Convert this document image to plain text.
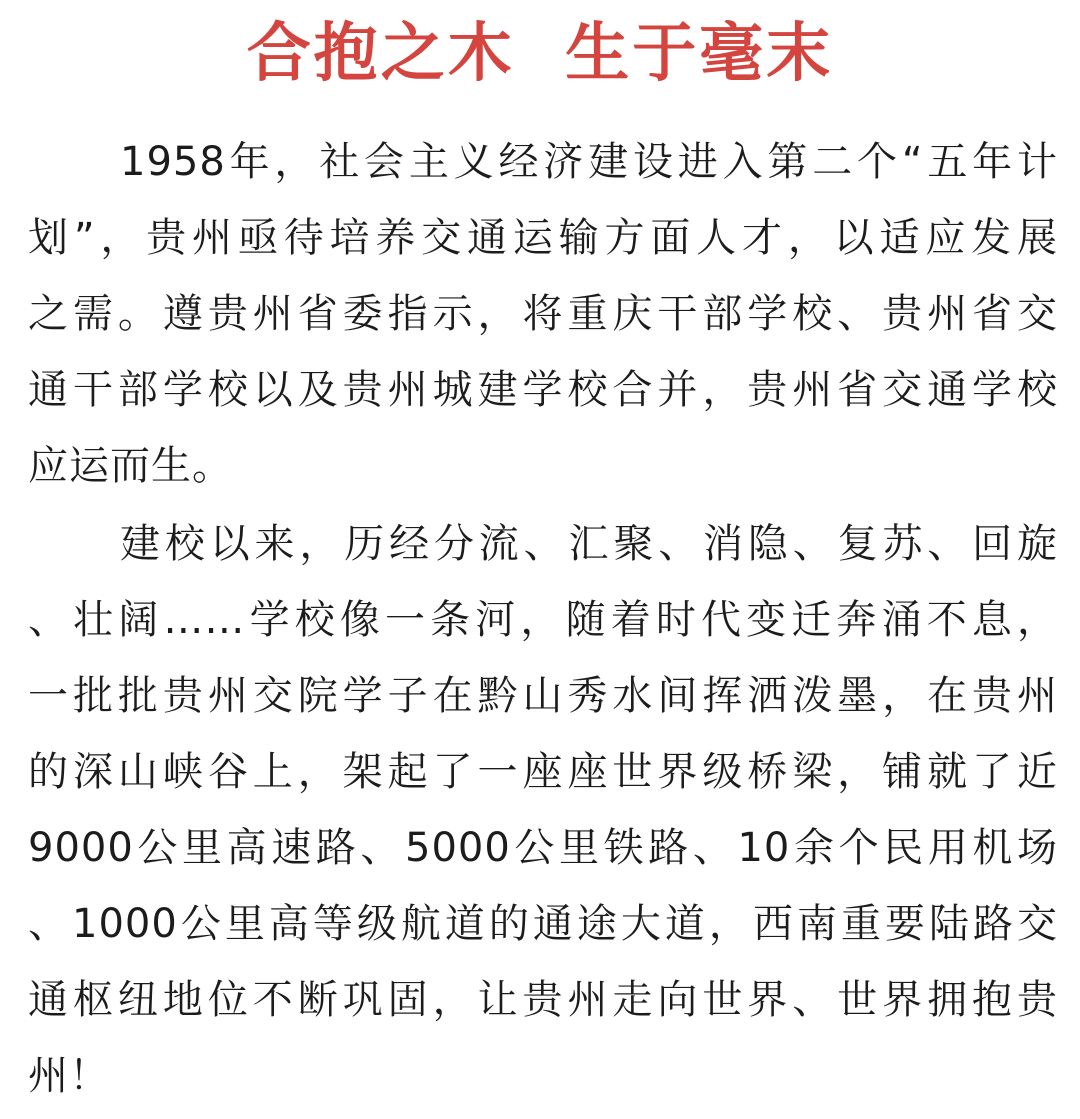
合抱之木  生于毫末
1958年，社会主义经济建设进入第二个“五年计
划”，贵州亟待培养交通运输方面人才，以适应发展
之需。遵贵州省委指示，将重庆干部学校、贵州省交
通干部学校以及贵州城建学校合并，贵州省交通学校
应运而生。
建校以来，历经分流、汇聚、消隐、复苏、回旋
、壮阔……学校像一条河，随着时代变迁奔涌不息，
一批批贵州交院学子在黔山秀水间挥洒泼墨，在贵州
的深山峡谷上，架起了一座座世界级桥梁，铺就了近
9000公里高速路、5000公里铁路、10余个民用机场
、1000公里高等级航道的通途大道，西南重要陆路交
通枢纽地位不断巩固，让贵州走向世界、世界拥抱贵
州！
